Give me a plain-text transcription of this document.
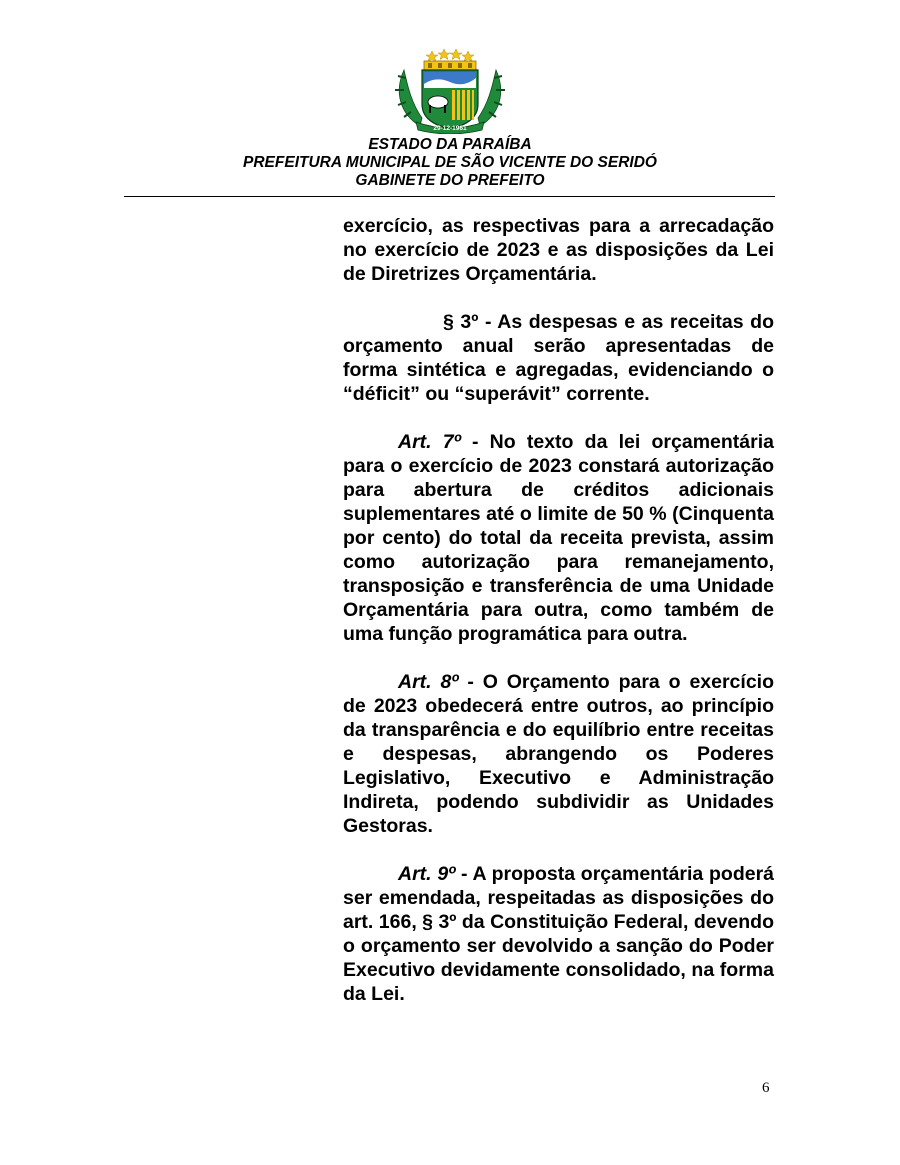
29-12-1961
ESTADO DA PARAÍBA
PREFEITURA MUNICIPAL DE SÃO VICENTE DO SERIDÓ
GABINETE DO PREFEITO

exercício, as respectivas para a arrecadação no exercício de 2023 e as disposições da Lei de Diretrizes Orçamentária.

§ 3º - As despesas e as receitas do orçamento anual serão apresentadas de forma sintética e agregadas, evidenciando o “déficit” ou “superávit” corrente.

Art. 7º - No texto da lei orçamentária para o exercício de 2023 constará autorização para abertura de créditos adicionais suplementares até o limite de 50 % (Cinquenta por cento) do total da receita prevista, assim como autorização para remanejamento, transposição e transferência de uma Unidade Orçamentária para outra, como também de uma função programática para outra.

Art. 8º - O Orçamento para o exercício de 2023 obedecerá entre outros, ao princípio da transparência e do equilíbrio entre receitas e despesas, abrangendo os Poderes Legislativo, Executivo e Administração Indireta, podendo subdividir as Unidades Gestoras.

Art. 9º - A proposta orçamentária poderá ser emendada, respeitadas as disposições do art. 166, § 3º da Constituição Federal, devendo o orçamento ser devolvido a sanção do Poder Executivo devidamente consolidado, na forma da Lei.

6
